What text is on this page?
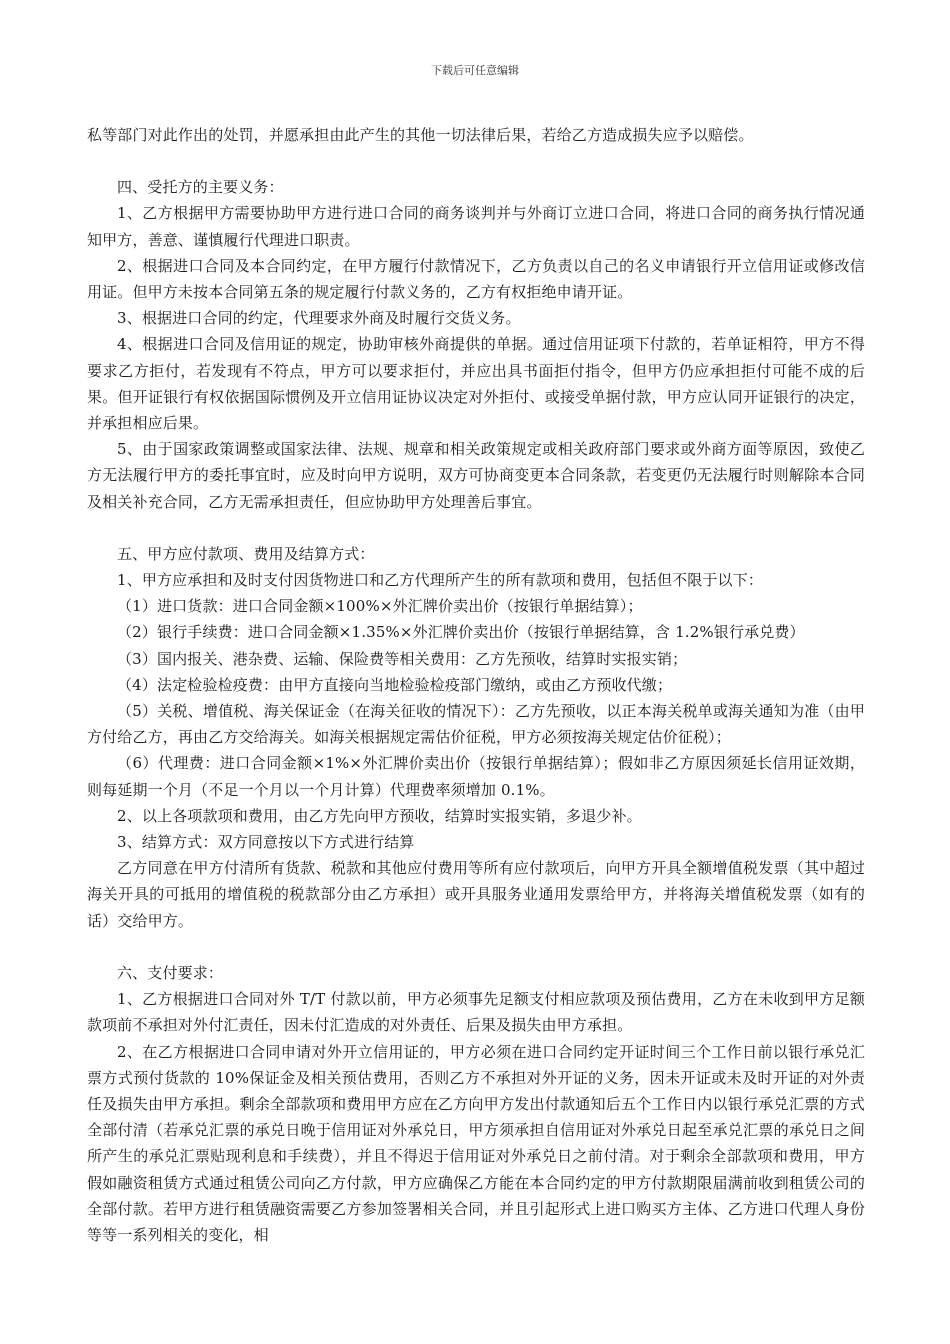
下载后可任意编辑

私等部门对此作出的处罚，并愿承担由此产生的其他一切法律后果，若给乙方造成损失应予以赔偿。

四、受托方的主要义务：

1、乙方根据甲方需要协助甲方进行进口合同的商务谈判并与外商订立进口合同，将进口合同的商务执行情况通知甲方，善意、谨慎履行代理进口职责。

2、根据进口合同及本合同约定，在甲方履行付款情况下，乙方负责以自己的名义申请银行开立信用证或修改信用证。但甲方未按本合同第五条的规定履行付款义务的，乙方有权拒绝申请开证。

3、根据进口合同的约定，代理要求外商及时履行交货义务。

4、根据进口合同及信用证的规定，协助审核外商提供的单据。通过信用证项下付款的，若单证相符，甲方不得要求乙方拒付，若发现有不符点，甲方可以要求拒付，并应出具书面拒付指令，但甲方仍应承担拒付可能不成的后果。但开证银行有权依据国际惯例及开立信用证协议决定对外拒付、或接受单据付款，甲方应认同开证银行的决定，并承担相应后果。

5、由于国家政策调整或国家法律、法规、规章和相关政策规定或相关政府部门要求或外商方面等原因，致使乙方无法履行甲方的委托事宜时，应及时向甲方说明，双方可协商变更本合同条款，若变更仍无法履行时则解除本合同及相关补充合同，乙方无需承担责任，但应协助甲方处理善后事宜。

五、甲方应付款项、费用及结算方式：

1、甲方应承担和及时支付因货物进口和乙方代理所产生的所有款项和费用，包括但不限于以下：

（1）进口货款：进口合同金额×100%×外汇牌价卖出价（按银行单据结算）；

（2）银行手续费：进口合同金额×1.35%×外汇牌价卖出价（按银行单据结算，含 1.2%银行承兑费）

（3）国内报关、港杂费、运输、保险费等相关费用：乙方先预收，结算时实报实销；

（4）法定检验检疫费：由甲方直接向当地检验检疫部门缴纳，或由乙方预收代缴；

（5）关税、增值税、海关保证金（在海关征收的情况下）：乙方先预收，以正本海关税单或海关通知为准（由甲方付给乙方，再由乙方交给海关。如海关根据规定需估价征税，甲方必须按海关规定估价征税）；

（6）代理费：进口合同金额×1%×外汇牌价卖出价（按银行单据结算）；假如非乙方原因须延长信用证效期，则每延期一个月（不足一个月以一个月计算）代理费率须增加 0.1%。

2、以上各项款项和费用，由乙方先向甲方预收，结算时实报实销，多退少补。

3、结算方式：双方同意按以下方式进行结算

乙方同意在甲方付清所有货款、税款和其他应付费用等所有应付款项后，向甲方开具全额增值税发票（其中超过海关开具的可抵用的增值税的税款部分由乙方承担）或开具服务业通用发票给甲方，并将海关增值税发票（如有的话）交给甲方。

六、支付要求：

1、乙方根据进口合同对外 T/T 付款以前，甲方必须事先足额支付相应款项及预估费用，乙方在未收到甲方足额款项前不承担对外付汇责任，因未付汇造成的对外责任、后果及损失由甲方承担。

2、在乙方根据进口合同申请对外开立信用证的，甲方必须在进口合同约定开证时间三个工作日前以银行承兑汇票方式预付货款的 10%保证金及相关预估费用，否则乙方不承担对外开证的义务，因未开证或未及时开证的对外责任及损失由甲方承担。剩余全部款项和费用甲方应在乙方向甲方发出付款通知后五个工作日内以银行承兑汇票的方式全部付清（若承兑汇票的承兑日晚于信用证对外承兑日，甲方须承担自信用证对外承兑日起至承兑汇票的承兑日之间所产生的承兑汇票贴现利息和手续费），并且不得迟于信用证对外承兑日之前付清。对于剩余全部款项和费用，甲方假如融资租赁方式通过租赁公司向乙方付款，甲方应确保乙方能在本合同约定的甲方付款期限届满前收到租赁公司的全部付款。若甲方进行租赁融资需要乙方参加签署相关合同，并且引起形式上进口购买方主体、乙方进口代理人身份等等一系列相关的变化，相
